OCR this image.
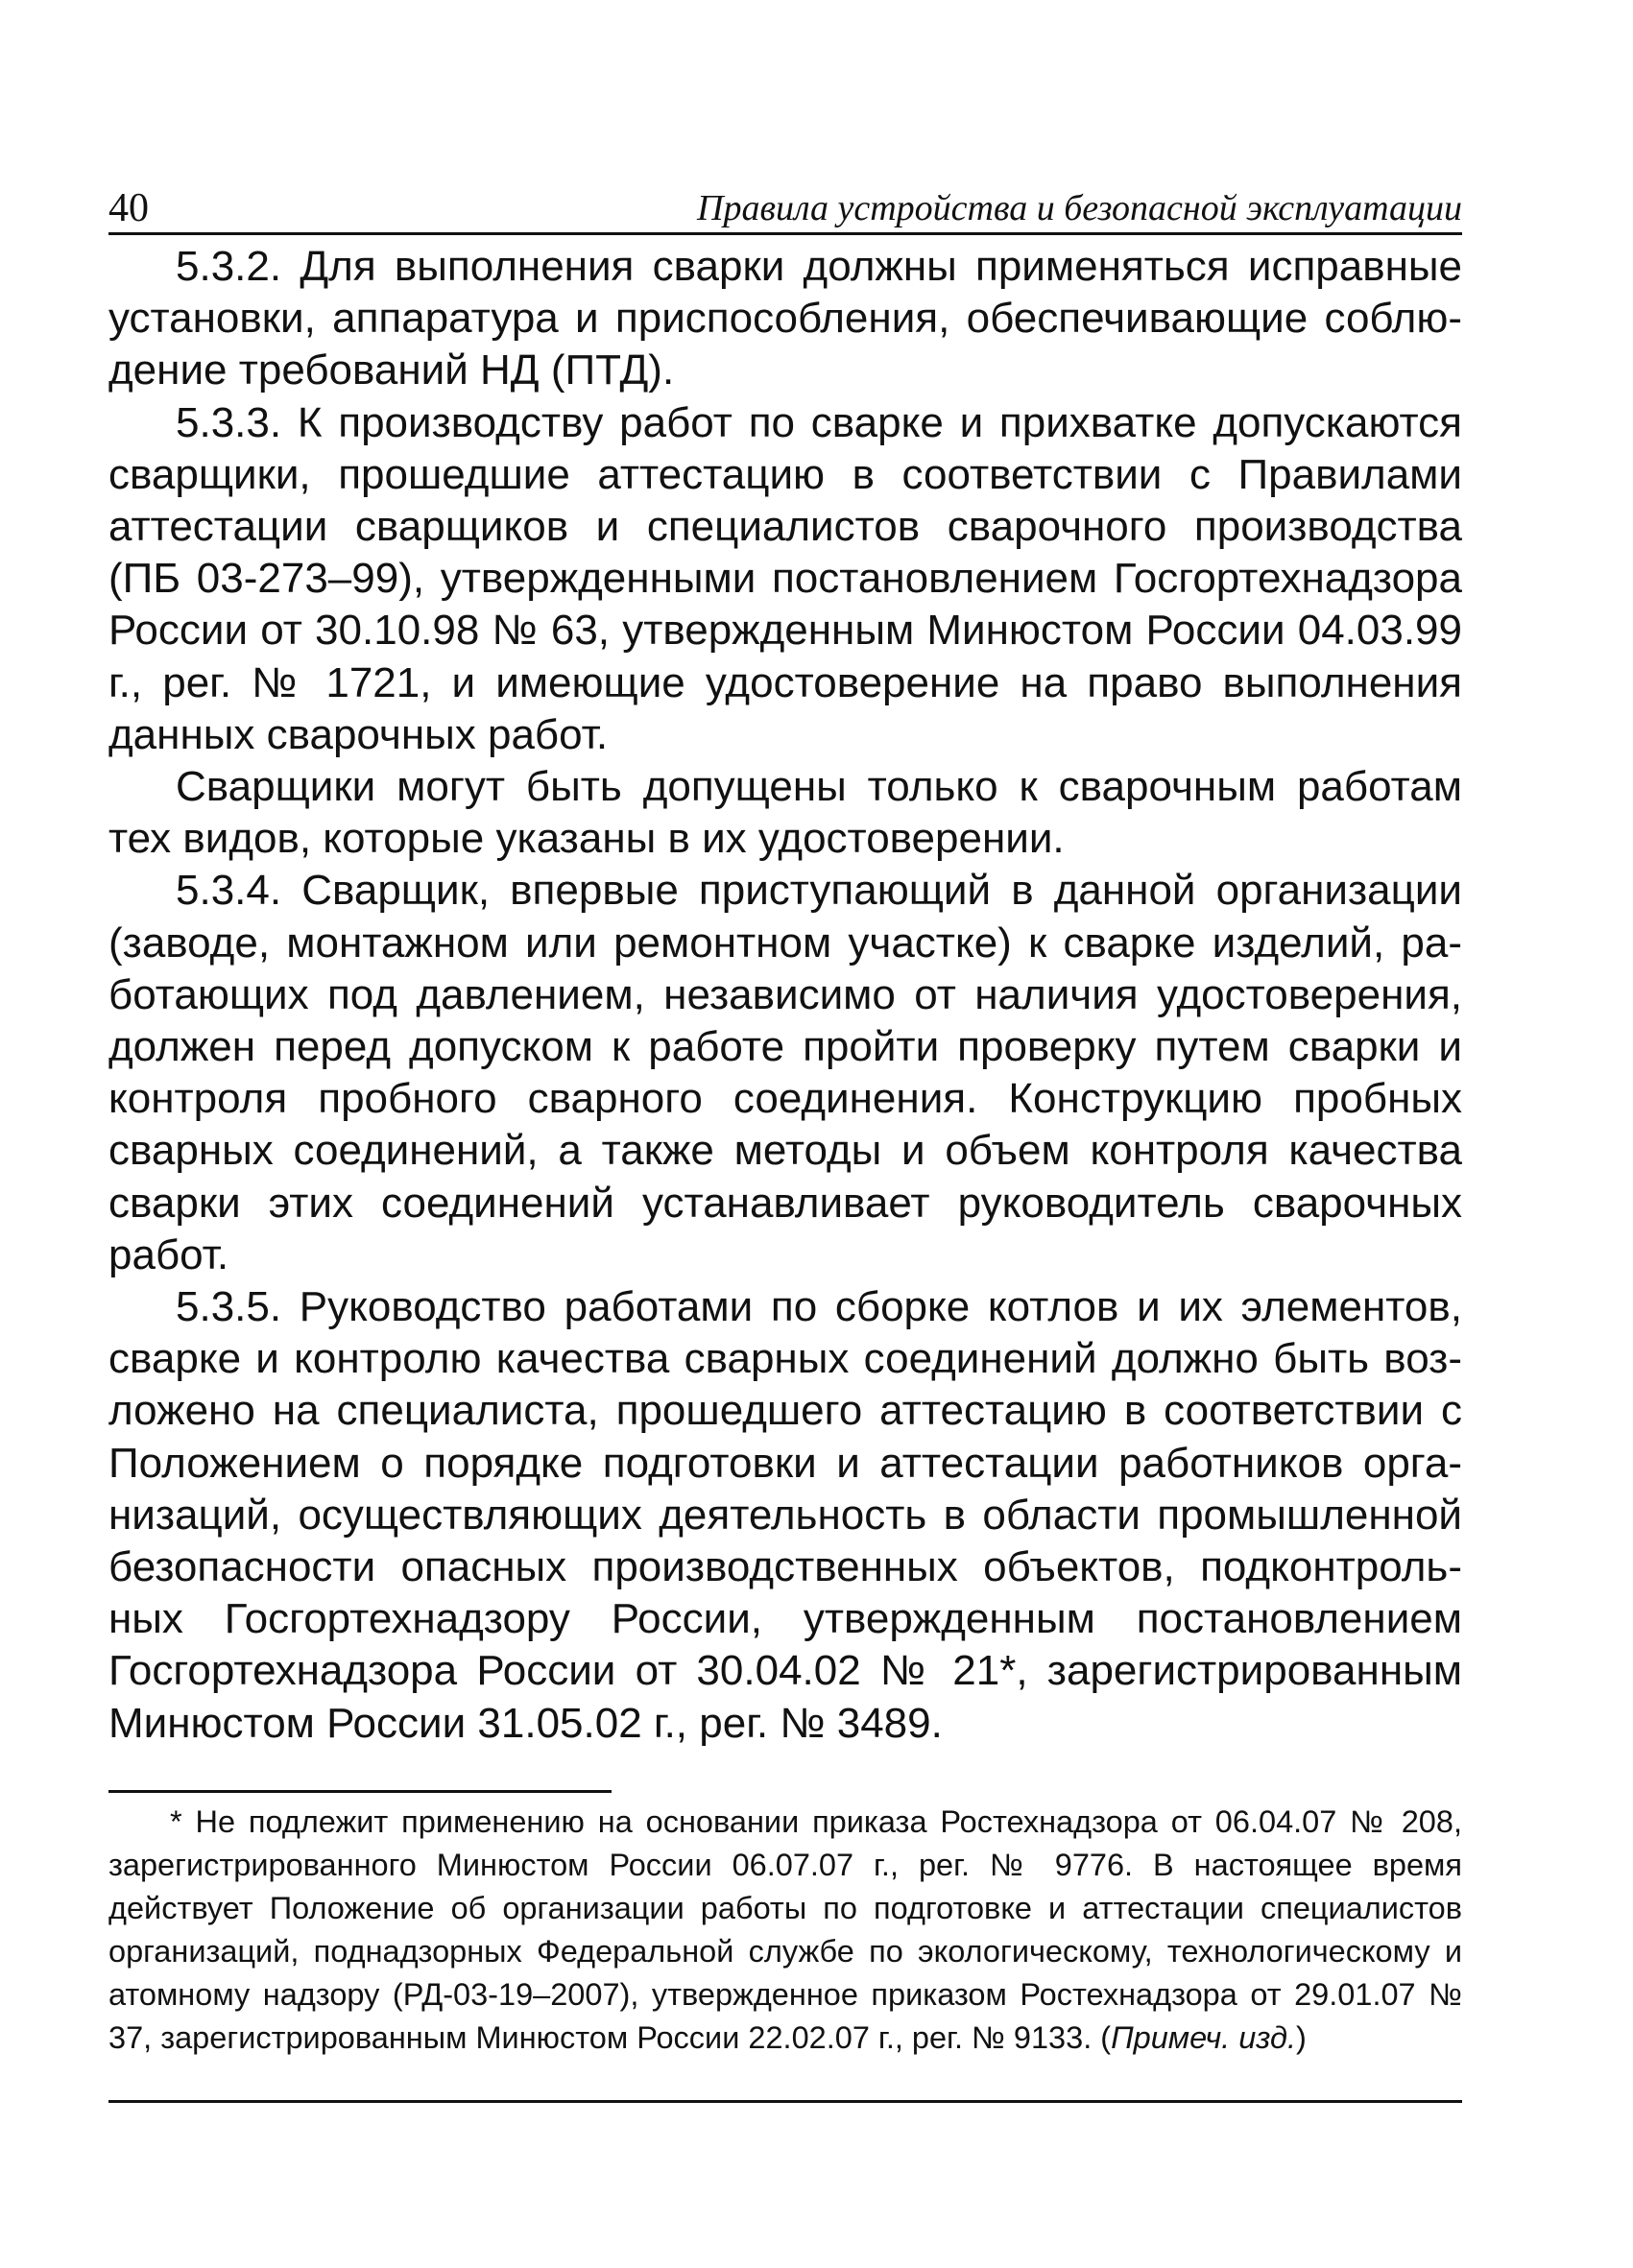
40	Правила устройства и безопасной эксплуатации

5.3.2. Для выполнения сварки должны применяться исправные установки, аппаратура и приспособления, обеспечивающие соблюдение требований НД (ПТД).

5.3.3. К производству работ по сварке и прихватке допускаются сварщики, прошедшие аттестацию в соответствии с Правилами аттестации сварщиков и специалистов сварочного производства (ПБ 03-273–99), утвержденными постановлением Госгортехнадзора России от 30.10.98 № 63, утвержденным Минюстом России 04.03.99 г., рег. № 1721, и имеющие удостоверение на право выполнения данных сварочных работ.

Сварщики могут быть допущены только к сварочным работам тех видов, которые указаны в их удостоверении.

5.3.4. Сварщик, впервые приступающий в данной организации (заводе, монтажном или ремонтном участке) к сварке изделий, работающих под давлением, независимо от наличия удостоверения, должен перед допуском к работе пройти проверку путем сварки и контроля пробного сварного соединения. Конструкцию пробных сварных соединений, а также методы и объем контроля качества сварки этих соединений устанавливает руководитель сварочных работ.

5.3.5. Руководство работами по сборке котлов и их элементов, сварке и контролю качества сварных соединений должно быть возложено на специалиста, прошедшего аттестацию в соответствии с Положением о порядке подготовки и аттестации работников организаций, осуществляющих деятельность в области промышленной безопасности опасных производственных объектов, подконтрольных Госгортехнадзору России, утвержденным постановлением Госгортехнадзора России от 30.04.02 № 21*, зарегистрированным Минюстом России 31.05.02 г., рег. № 3489.

* Не подлежит применению на основании приказа Ростехнадзора от 06.04.07 № 208, зарегистрированного Минюстом России 06.07.07 г., рег. № 9776. В настоящее время действует Положение об организации работы по подготовке и аттестации специалистов организаций, поднадзорных Федеральной службе по экологическому, технологическому и атомному надзору (РД-03-19–2007), утвержденное приказом Ростехнадзора от 29.01.07 № 37, зарегистрированным Минюстом России 22.02.07 г., рег. № 9133. (Примеч. изд.)
